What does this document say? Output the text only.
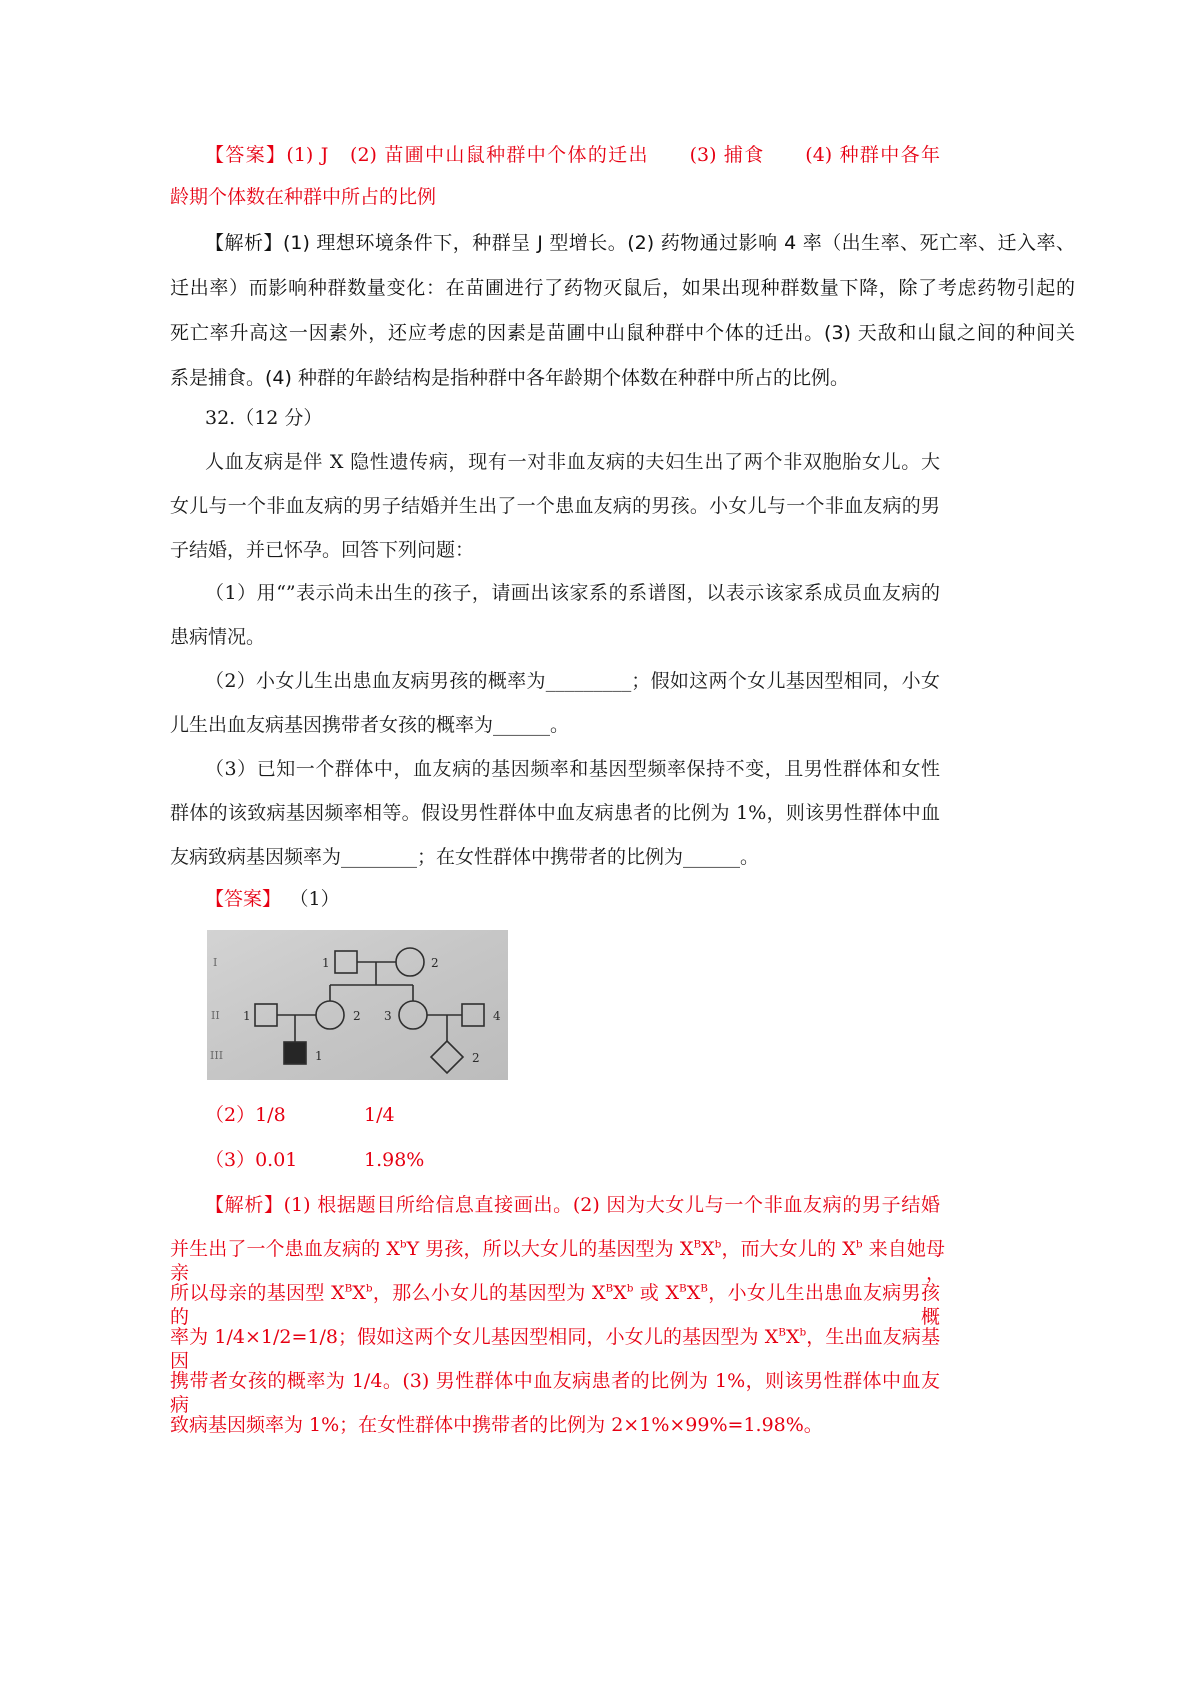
【答案】(1) J　(2) 苗圃中山鼠种群中个体的迁出　　(3) 捕食　　(4) 种群中各年
龄期个体数在种群中所占的比例
【解析】(1) 理想环境条件下，种群呈 J 型增长。(2) 药物通过影响 4 率（出生率、死亡率、迁入率、
迁出率）而影响种群数量变化：在苗圃进行了药物灭鼠后，如果出现种群数量下降，除了考虑药物引起的
死亡率升高这一因素外，还应考虑的因素是苗圃中山鼠种群中个体的迁出。(3) 天敌和山鼠之间的种间关
系是捕食。(4) 种群的年龄结构是指种群中各年龄期个体数在种群中所占的比例。
32.（12 分）
人血友病是伴 X 隐性遗传病，现有一对非血友病的夫妇生出了两个非双胞胎女儿。大
女儿与一个非血友病的男子结婚并生出了一个患血友病的男孩。小女儿与一个非血友病的男
子结婚，并已怀孕。回答下列问题：
（1）用“”表示尚未出生的孩子，请画出该家系的系谱图，以表示该家系成员血友病的
患病情况。
（2）小女儿生出患血友病男孩的概率为_________；假如这两个女儿基因型相同，小女
儿生出血友病基因携带者女孩的概率为______。
（3）已知一个群体中，血友病的基因频率和基因型频率保持不变，且男性群体和女性
群体的该致病基因频率相等。假设男性群体中血友病患者的比例为 1%，则该男性群体中血
友病致病基因频率为________；在女性群体中携带者的比例为______。
【答案】 （1）
I
II
III
1	2
1	2 3	4
1	2
（2）1/8	1/4
（3）0.01	1.98%
【解析】(1) 根据题目所给信息直接画出。(2) 因为大女儿与一个非血友病的男子结婚
并生出了一个患血友病的 $X^bY$ 男孩，所以大女儿的基因型为 $X^BX^b$，而大女儿的 $X^b$ 来自她母亲，
所以母亲的基因型 $X^BX^b$，那么小女儿的基因型为 $X^BX^b$ 或 $X^BX^B$，小女儿生出患血友病男孩的概
率为 1/4×1/2=1/8；假如这两个女儿基因型相同，小女儿的基因型为 $X^BX^b$，生出血友病基因
携带者女孩的概率为 1/4。(3) 男性群体中血友病患者的比例为 1%，则该男性群体中血友病
致病基因频率为 1%；在女性群体中携带者的比例为 2×1%×99%=1.98%。
